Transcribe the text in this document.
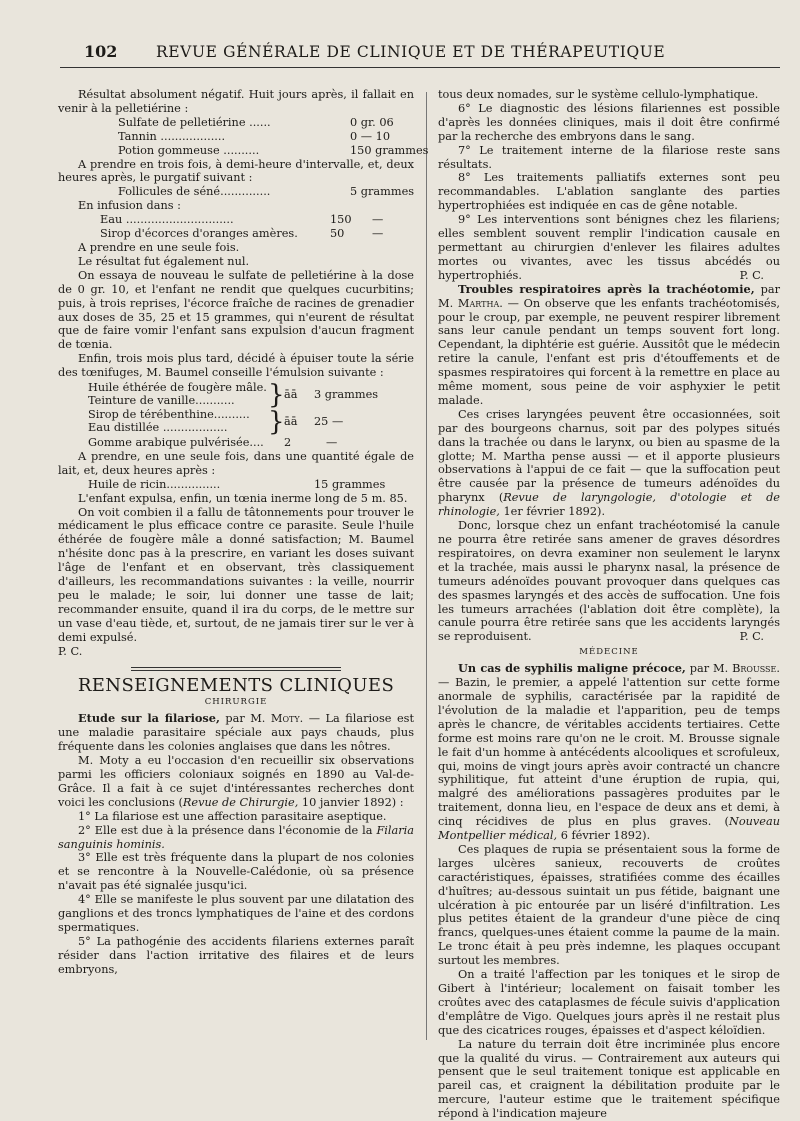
102 REVUE GÉNÉRALE DE CLINIQUE ET DE THÉRAPEUTIQUE

Résultat absolument négatif. Huit jours après, il fallait en venir à la pelletiérine :

Sulfate de pelletiérine ......	0 gr. 06
Tannin ..................	0 — 10
Potion gommeuse ..........	150 grammes

A prendre en trois fois, à demi-heure d'intervalle, et, deux heures après, le purgatif suivant :

Follicules de séné..............	5 grammes

En infusion dans :

Eau ..............................	150	—
Sirop d'écorces d'oranges amères.	50	—

A prendre en une seule fois.

Le résultat fut également nul.

On essaya de nouveau le sulfate de pelletiérine à la dose de 0 gr. 10, et l'enfant ne rendit que quelques cucurbitins; puis, à trois reprises, l'écorce fraîche de racines de grenadier aux doses de 35, 25 et 15 grammes, qui n'eurent de résultat que de faire vomir l'enfant sans expulsion d'aucun fragment de tœnia.

Enfin, trois mois plus tard, décidé à épuiser toute la série des tœnifuges, M. Baumel conseille l'émulsion suivante :

Huile éthérée de fougère mâle.
Teinture de vanille...........	} āā	3 grammes
Sirop de térébenthine..........
Eau distillée ..................	} āā	25 —
Gomme arabique pulvérisée....	2	—

A prendre, en une seule fois, dans une quantité égale de lait, et, deux heures après :

Huile de ricin...............	15 grammes

L'enfant expulsa, enfin, un tœnia inerme long de 5 m. 85.

On voit combien il a fallu de tâtonnements pour trouver le médicament le plus efficace contre ce parasite. Seule l'huile éthérée de fougère mâle a donné satisfaction; M. Baumel n'hésite donc pas à la prescrire, en variant les doses suivant l'âge de l'enfant et en observant, très classiquement d'ailleurs, les recommandations suivantes : la veille, nourrir peu le malade; le soir, lui donner une tasse de lait; recommander ensuite, quand il ira du corps, de le mettre sur un vase d'eau tiède, et, surtout, de ne jamais tirer sur le ver à demi expulsé.

P. C.

RENSEIGNEMENTS CLINIQUES
CHIRURGIE

Etude sur la filariose, par M. Moty. — La filariose est une maladie parasitaire spéciale aux pays chauds, plus fréquente dans les colonies anglaises que dans les nôtres.

M. Moty a eu l'occasion d'en recueillir six observations parmi les officiers coloniaux soignés en 1890 au Val-de-Grâce. Il a fait à ce sujet d'intéressantes recherches dont voici les conclusions (Revue de Chirurgie, 10 janvier 1892) :

1° La filariose est une affection parasitaire aseptique.

2° Elle est due à la présence dans l'économie de la Filaria sanguinis hominis.

3° Elle est très fréquente dans la plupart de nos colonies et se rencontre à la Nouvelle-Calédonie, où sa présence n'avait pas été signalée jusqu'ici.

4° Elle se manifeste le plus souvent par une dilatation des ganglions et des troncs lymphatiques de l'aine et des cordons spermatiques.

5° La pathogénie des accidents filariens externes paraît résider dans l'action irritative des filaires et de leurs embryons,

tous deux nomades, sur le système cellulo-lymphatique.

6° Le diagnostic des lésions filariennes est possible d'après les données cliniques, mais il doit être confirmé par la recherche des embryons dans le sang.

7° Le traitement interne de la filariose reste sans résultats.

8° Les traitements palliatifs externes sont peu recommandables. L'ablation sanglante des parties hypertrophiées est indiquée en cas de gêne notable.

9° Les interventions sont bénignes chez les filariens; elles semblent souvent remplir l'indication causale en permettant au chirurgien d'enlever les filaires adultes mortes ou vivantes, avec les tissus abcédés ou hypertrophiés.	P. C.

Troubles respiratoires après la trachéotomie, par M. Martha. — On observe que les enfants trachéotomisés, pour le croup, par exemple, ne peuvent respirer librement sans leur canule pendant un temps souvent fort long. Cependant, la diphtérie est guérie. Aussitôt que le médecin retire la canule, l'enfant est pris d'étouffements et de spasmes respiratoires qui forcent à la remettre en place au même moment, sous peine de voir asphyxier le petit malade.

Ces crises laryngées peuvent être occasionnées, soit par des bourgeons charnus, soit par des polypes situés dans la trachée ou dans le larynx, ou bien au spasme de la glotte; M. Martha pense aussi — et il apporte plusieurs observations à l'appui de ce fait — que la suffocation peut être causée par la présence de tumeurs adénoïdes du pharynx (Revue de laryngologie, d'otologie et de rhinologie, 1er février 1892).

Donc, lorsque chez un enfant trachéotomisé la canule ne pourra être retirée sans amener de graves désordres respiratoires, on devra examiner non seulement le larynx et la trachée, mais aussi le pharynx nasal, la présence de tumeurs adénoïdes pouvant provoquer dans quelques cas des spasmes laryngés et des accès de suffocation. Une fois les tumeurs arrachées (l'ablation doit être complète), la canule pourra être retirée sans que les accidents laryngés se reproduisent.	P. C.

MÉDECINE

Un cas de syphilis maligne précoce, par M. Brousse. — Bazin, le premier, a appelé l'attention sur cette forme anormale de syphilis, caractérisée par la rapidité de l'évolution de la maladie et l'apparition, peu de temps après le chancre, de véritables accidents tertiaires. Cette forme est moins rare qu'on ne le croit. M. Brousse signale le fait d'un homme à antécédents alcooliques et scrofuleux, qui, moins de vingt jours après avoir contracté un chancre syphilitique, fut atteint d'une éruption de rupia, qui, malgré des améliorations passagères produites par le traitement, donna lieu, en l'espace de deux ans et demi, à cinq récidives de plus en plus graves. (Nouveau Montpellier médical, 6 février 1892).

Ces plaques de rupia se présentaient sous la forme de larges ulcères sanieux, recouverts de croûtes caractéristiques, épaisses, stratifiées comme des écailles d'huîtres; au-dessous suintait un pus fétide, baignant une ulcération à pic entourée par un liséré d'infiltration. Les plus petites étaient de la grandeur d'une pièce de cinq francs, quelques-unes étaient comme la paume de la main. Le tronc était à peu près indemne, les plaques occupant surtout les membres.

On a traité l'affection par les toniques et le sirop de Gibert à l'intérieur; localement on faisait tomber les croûtes avec des cataplasmes de fécule suivis d'application d'emplâtre de Vigo. Quelques jours après il ne restait plus que des cicatrices rouges, épaisses et d'aspect kéloïdien.

La nature du terrain doit être incriminée plus encore que la qualité du virus. — Contrairement aux auteurs qui pensent que le seul traitement tonique est applicable en pareil cas, et craignent la débilitation produite par le mercure, l'auteur estime que le traitement spécifique répond à l'indication majeure
